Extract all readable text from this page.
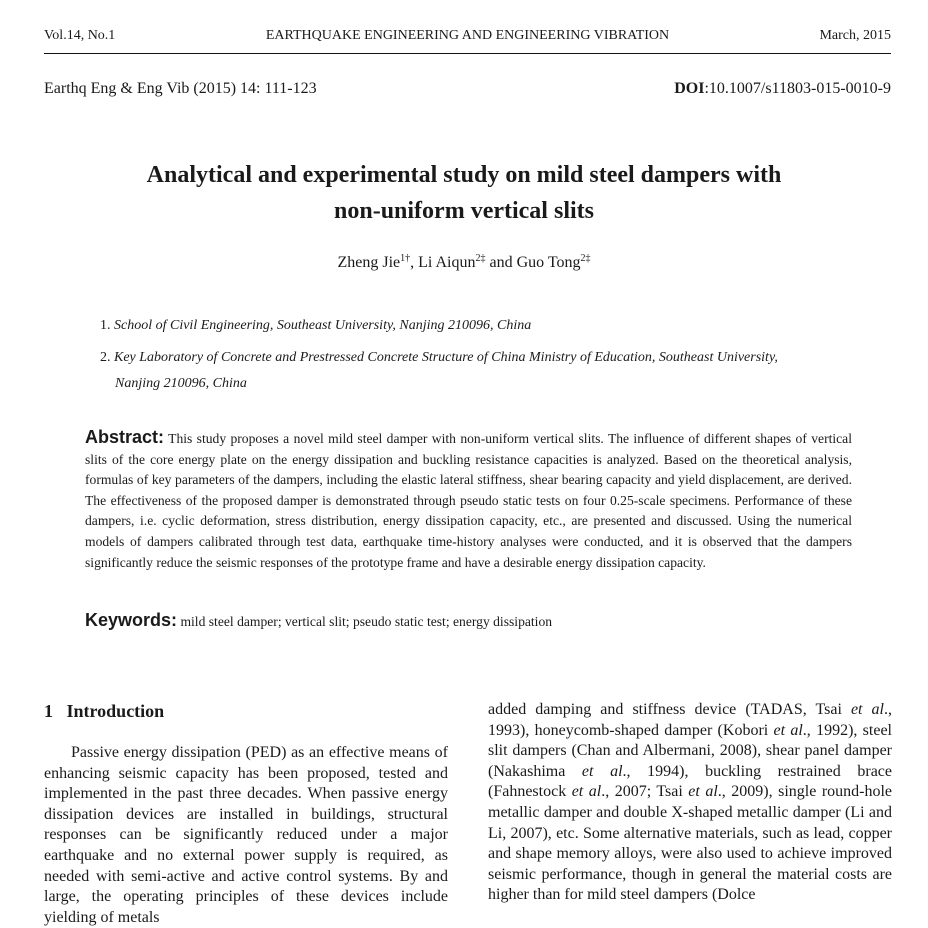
Vol.14, No.1	EARTHQUAKE ENGINEERING AND ENGINEERING VIBRATION	March, 2015
Earthq Eng & Eng Vib (2015) 14: 111-123	DOI:10.1007/s11803-015-0010-9
Analytical and experimental study on mild steel dampers with
non-uniform vertical slits
Zheng Jie$^{1\dagger}$, Li Aiqun$^{2\ddagger}$ and Guo Tong$^{2\ddagger}$
1. School of Civil Engineering, Southeast University, Nanjing 210096, China
2. Key Laboratory of Concrete and Prestressed Concrete Structure of China Ministry of Education, Southeast University,
Nanjing 210096, China
Abstract: This study proposes a novel mild steel damper with non-uniform vertical slits. The influence of different shapes of vertical slits of the core energy plate on the energy dissipation and buckling resistance capacities is analyzed. Based on the theoretical analysis, formulas of key parameters of the dampers, including the elastic lateral stiffness, shear bearing capacity and yield displacement, are derived. The effectiveness of the proposed damper is demonstrated through pseudo static tests on four 0.25-scale specimens. Performance of these dampers, i.e. cyclic deformation, stress distribution, energy dissipation capacity, etc., are presented and discussed. Using the numerical models of dampers calibrated through test data, earthquake time-history analyses were conducted, and it is observed that the dampers significantly reduce the seismic responses of the prototype frame and have a desirable energy dissipation capacity.
Keywords: mild steel damper; vertical slit; pseudo static test; energy dissipation
1 Introduction
Passive energy dissipation (PED) as an effective means of enhancing seismic capacity has been proposed, tested and implemented in the past three decades. When passive energy dissipation devices are installed in buildings, structural responses can be significantly reduced under a major earthquake and no external power supply is required, as needed with semi-active and active control systems. By and large, the operating principles of these devices include yielding of metals
added damping and stiffness device (TADAS, Tsai et al., 1993), honeycomb-shaped damper (Kobori et al., 1992), steel slit dampers (Chan and Albermani, 2008), shear panel damper (Nakashima et al., 1994), buckling restrained brace (Fahnestock et al., 2007; Tsai et al., 2009), single round-hole metallic damper and double X-shaped metallic damper (Li and Li, 2007), etc. Some alternative materials, such as lead, copper and shape memory alloys, were also used to achieve improved seismic performance, though in general the material costs are higher than for mild steel dampers (Dolce
